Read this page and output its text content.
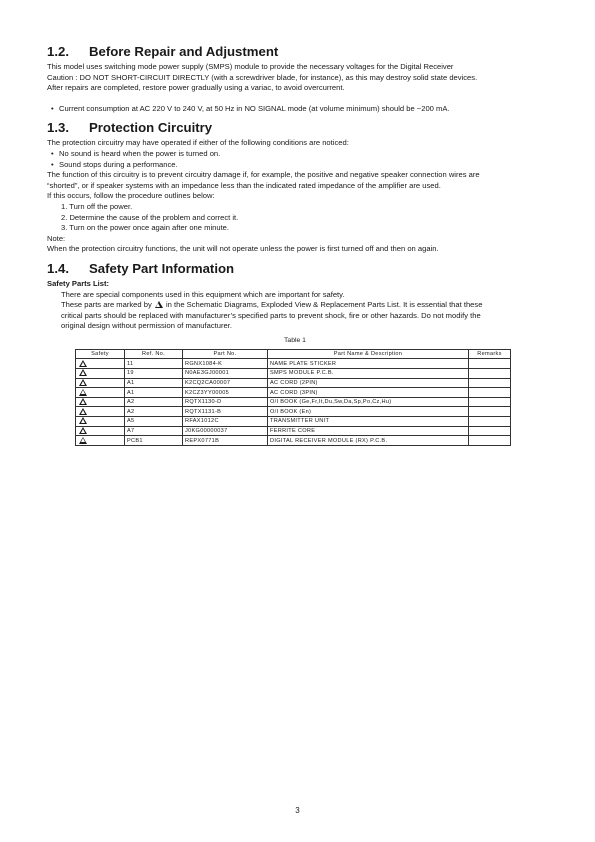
1.2.	Before Repair and Adjustment

This model uses switching mode power supply (SMPS) module to provide the necessary voltages for the Digital Receiver

Caution : DO NOT SHORT-CIRCUIT DIRECTLY (with a screwdriver blade, for instance), as this may destroy solid state devices.

After repairs are completed, restore power gradually using a variac, to avoid overcurrent.

• Current consumption at AC 220 V to 240 V, at 50 Hz in NO SIGNAL mode (at volume minimum) should be ~200 mA.

1.3.	Protection Circuitry

The protection circuitry may have operated if either of the following conditions are noticed:

• No sound is heard when the power is turned on.

• Sound stops during a performance.

The function of this circuitry is to prevent circuitry damage if, for example, the positive and negative speaker connection wires are

“shorted”, or if speaker systems with an impedance less than the indicated rated impedance of the amplifier are used.

If this occurs, follow the procedure outlines below:

1. Turn off the power.

2. Determine the cause of the problem and correct it.

3. Turn on the power once again after one minute.

Note:

When the protection circuitry functions, the unit will not operate unless the power is first turned off and then on again.

1.4.	Safety Part Information

Safety Parts List:

There are special components used in this equipment which are important for safety.

These parts are marked by in the Schematic Diagrams, Exploded View & Replacement Parts List. It is essential that these

critical parts should be replaced with manufacturer’s specified parts to prevent shock, fire or other hazards. Do not modify the

original design without permission of manufacturer.

Table 1
Safety	Ref. No.	Part No.	Part Name & Description	Remarks
	11	RGNX1084-K	NAME PLATE STICKER	
	19	N0AE3GJ00001	SMPS MODULE P.C.B.	
	A1	K2CQ2CA00007	AC CORD (2PIN)	
	A1	K2CZ3YY00005	AC CORD (3PIN)	
	A2	RQTX1130-D	O/I BOOK (Ge,Fr,It,Du,Sw,Da,Sp,Po,Cz,Hu)	
	A2	RQTX1131-B	O/I BOOK (En)	
	A5	RFAX1012C	TRANSMITTER UNIT	
	A7	J0KG00000037	FERRITE CORE	
	PCB1	REPX0771B	DIGITAL RECEIVER MODULE (RX) P.C.B.	
3
